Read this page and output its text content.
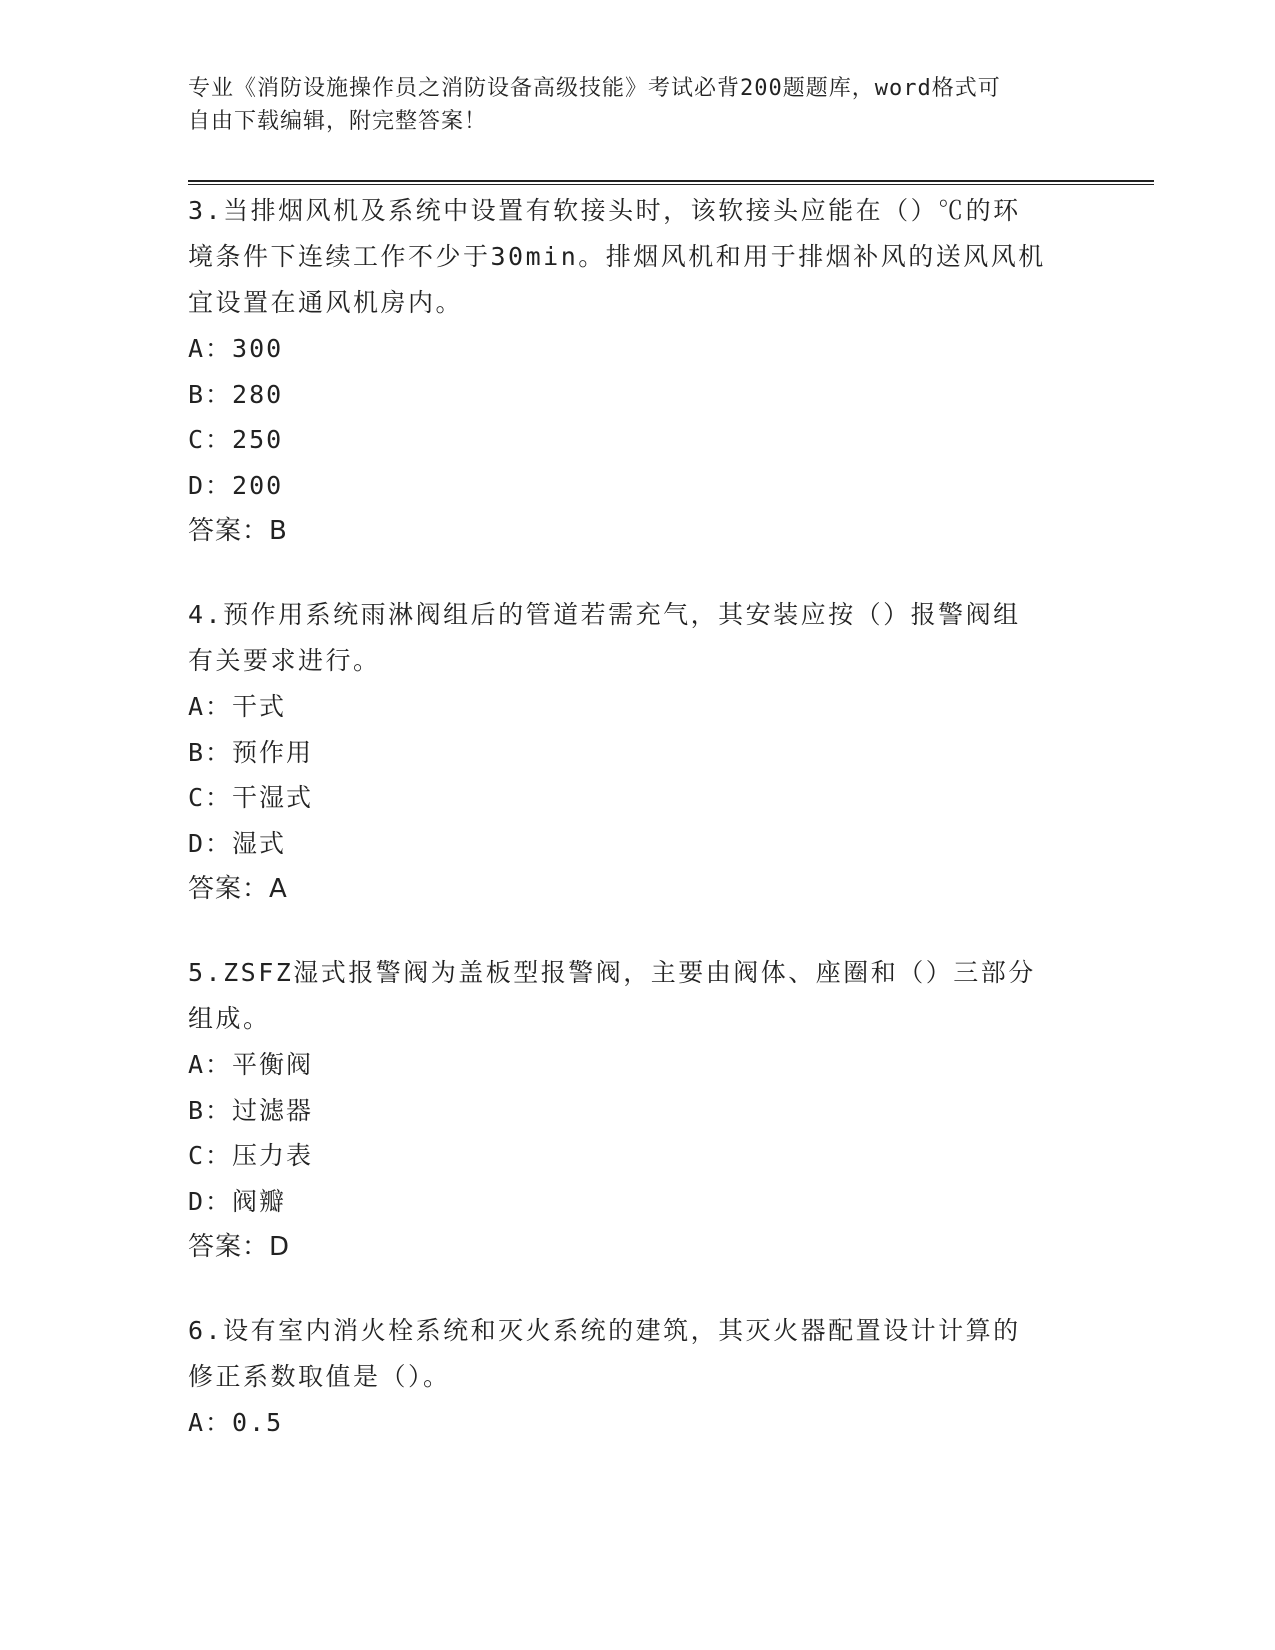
专业《消防设施操作员之消防设备高级技能》考试必背200题题库，word格式可
自由下载编辑，附完整答案！
3.当排烟风机及系统中设置有软接头时，该软接头应能在（）℃的环
境条件下连续工作不少于30min。排烟风机和用于排烟补风的送风风机
宜设置在通风机房内。
A：300
B：280
C：250
D：200
答案：B
4.预作用系统雨淋阀组后的管道若需充气，其安装应按（）报警阀组
有关要求进行。
A：干式
B：预作用
C：干湿式
D：湿式
答案：A
5.ZSFZ湿式报警阀为盖板型报警阀，主要由阀体、座圈和（）三部分
组成。
A：平衡阀
B：过滤器
C：压力表
D：阀瓣
答案：D
6.设有室内消火栓系统和灭火系统的建筑，其灭火器配置设计计算的
修正系数取值是（）。
A：0.5
